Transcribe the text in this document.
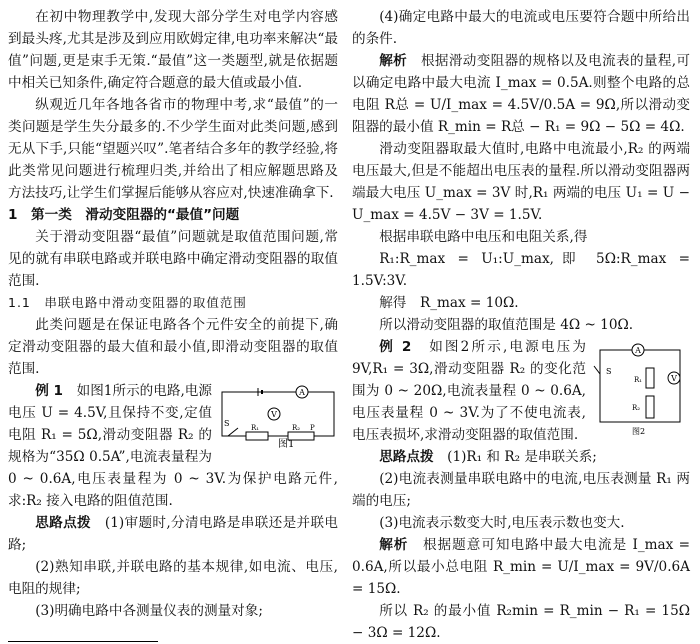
在初中物理教学中,发现大部分学生对电学内容感到最头疼,尤其是涉及到应用欧姆定律,电功率来解决“最值”问题,更是束手无策.“最值”这一类题型,就是依据题中相关已知条件,确定符合题意的最大值或最小值.

纵观近几年各地各省市的物理中考,求“最值”的一类问题是学生失分最多的.不少学生面对此类问题,感到无从下手,只能“望题兴叹”.笔者结合多年的教学经验,将此类常见问题进行梳理归类,并给出了相应解题思路及方法技巧,让学生们掌握后能够从容应对,快速准确拿下.

1　第一类　滑动变阻器的“最值”问题

关于滑动变阻器“最值”问题就是取值范围问题,常见的就有串联电路或并联电路中确定滑动变阻器的取值范围.

1.1　串联电路中滑动变阻器的取值范围

此类问题是在保证电路各个元件安全的前提下,确定滑动变阻器的最大值和最小值,即滑动变阻器的取值范围.

A
V
S	R₁	R₂ P
图1

例 1　 如图1所示的电路,电源电压 U = 4.5V,且保持不变,定值电阻 R₁ = 5Ω,滑动变阻器 R₂ 的规格为“35Ω 0.5A”,电流表量程为 0 ~ 0.6A,电压表量程为 0 ~ 3V.为保护电路元件,求:R₂ 接入电路的阻值范围.

思路点拨　 (1)审题时,分清电路是串联还是并联电路;

(2)熟知串联,并联电路的基本规律,如电流、电压,电阻的规律;

(3)明确电路中各测量仪表的测量对象;

(4)确定电路中最大的电流或电压要符合题中所给出的条件.

解析　 根据滑动变阻器的规格以及电流表的量程,可以确定电路中最大电流 I_max = 0.5A.则整个电路的总电阻 R总 = U/I_max = 4.5V/0.5A = 9Ω,所以滑动变阻器的最小值 R_min = R总 − R₁ = 9Ω − 5Ω = 4Ω.

滑动变阻器取最大值时,电路中电流最小,R₂ 的两端电压最大,但是不能超出电压表的量程.所以滑动变阻器两端最大电压 U_max = 3V 时,R₁ 两端的电压 U₁ = U − U_max = 4.5V − 3V = 1.5V.

根据串联电路中电压和电阻关系,得

R₁:R_max = U₁:U_max,即 5Ω:R_max = 1.5V:3V.

解得　R_max = 10Ω.

所以滑动变阻器的取值范围是 4Ω ~ 10Ω.

A
R₁	V
R₂
S
图2

例 2　 如图2所示,电源电压为 9V,R₁ = 3Ω,滑动变阻器 R₂ 的变化范围为 0 ~ 20Ω,电流表量程 0 ~ 0.6A,电压表量程 0 ~ 3V.为了不使电流表,电压表损坏,求滑动变阻器的取值范围.

思路点拨　 (1)R₁ 和 R₂ 是串联关系;

(2)电流表测量串联电路中的电流,电压表测量 R₁ 两端的电压;

(3)电流表示数变大时,电压表示数也变大.

解析　 根据题意可知电路中最大电流是 I_max = 0.6A,所以最小总电阻 R_min = U/I_max = 9V/0.6A = 15Ω.

所以 R₂ 的最小值 R₂min = R_min − R₁ = 15Ω − 3Ω = 12Ω.
